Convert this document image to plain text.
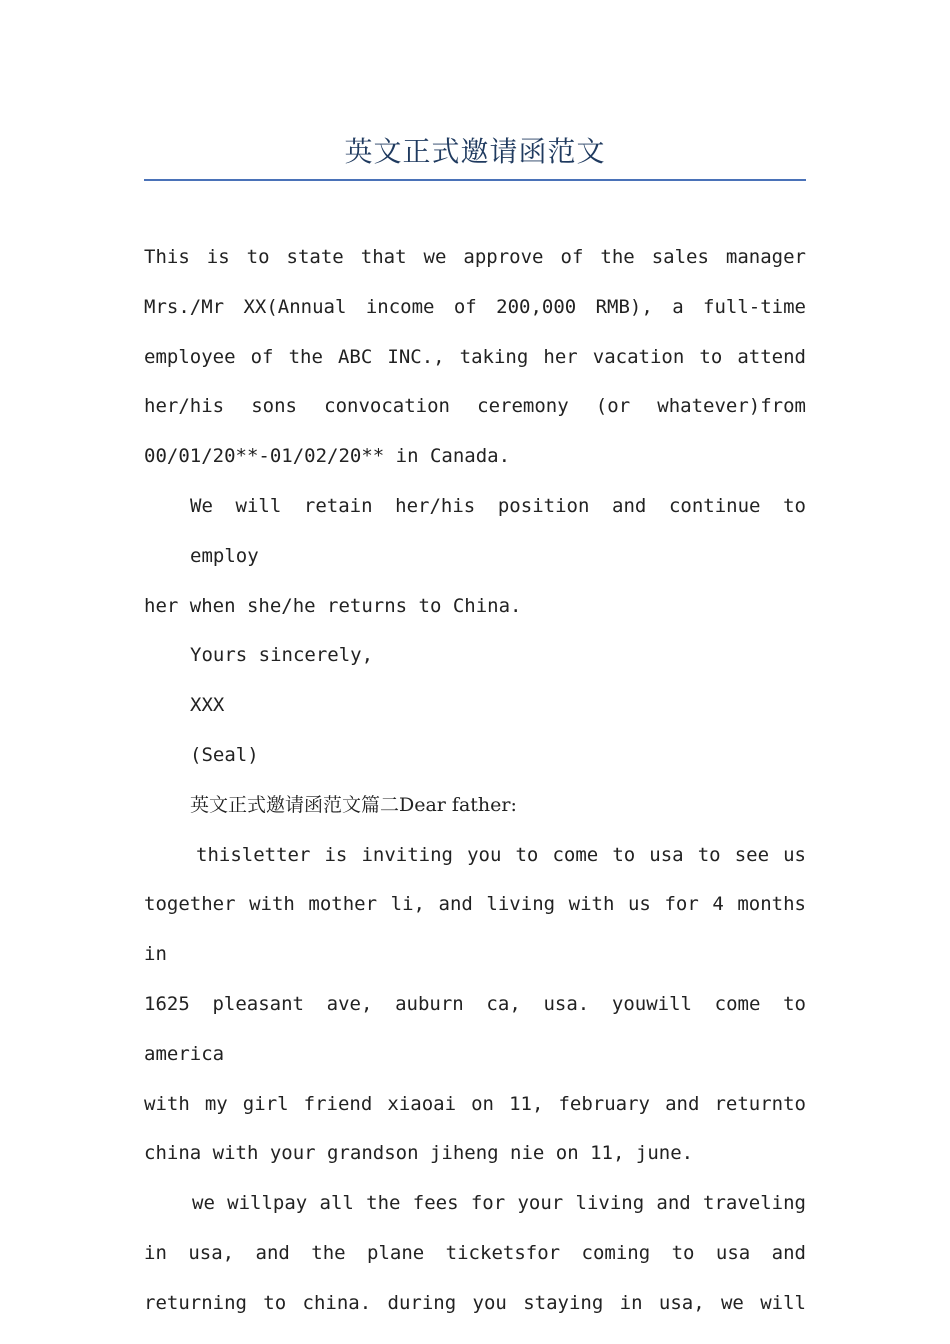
英文正式邀请函范文
This is to state that we approve of the sales manager
Mrs./Mr XX(Annual income of 200,000 RMB), a full-time
employee of the ABC INC., taking her vacation to attend
her/his sons convocation ceremony (or whatever)from
00/01/20**-01/02/20** in Canada.
We will retain her/his position and continue to employ
her when she/he returns to China.
Yours sincerely,
XXX
(Seal)
英文正式邀请函范文篇二Dear father:
thisletter is inviting you to come to usa to see us
together with mother li, and living with us for 4 months in
1625 pleasant ave, auburn ca, usa. youwill come to america
with my girl friend xiaoai on 11, february and returnto
china with your grandson jiheng nie on 11, june.
we willpay all the fees for your living and traveling
in usa, and the plane ticketsfor coming to usa and
returning to china. during you staying in usa, we will
